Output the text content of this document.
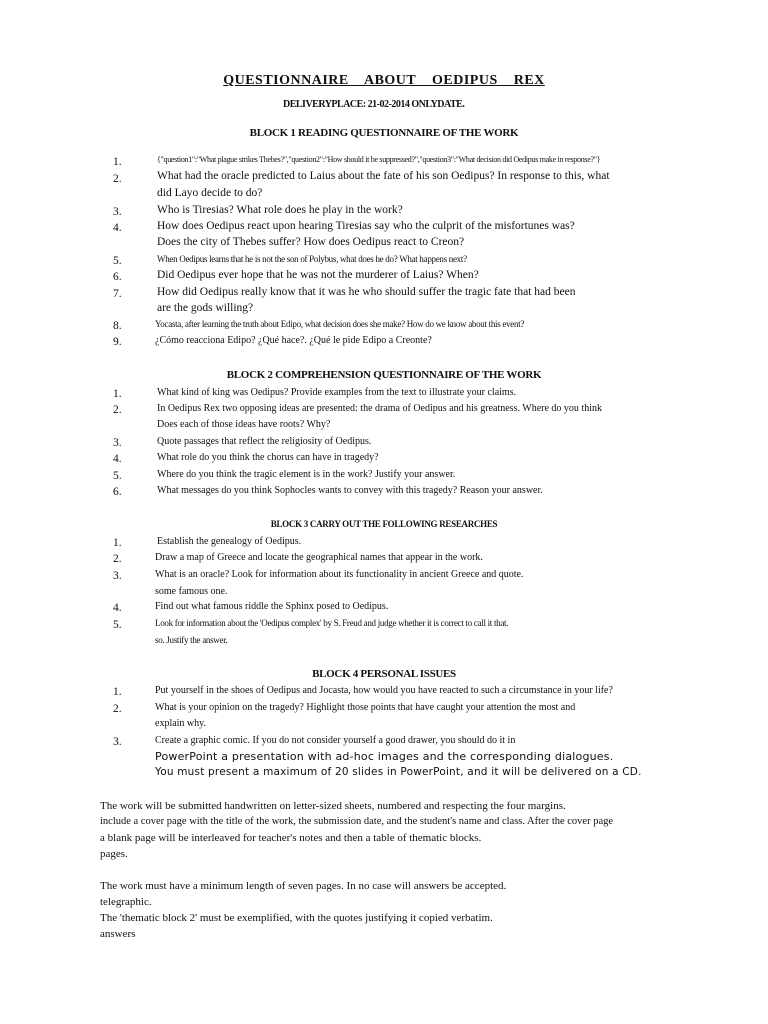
QUESTIONNAIRE ABOUT OEDIPUS REX
DELIVERYPLACE: 21-02-2014 ONLYDATE.
BLOCK 1 READING QUESTIONNAIRE OF THE WORK
1.	{"question1":"What plague strikes Thebes?","question2":"How should it be suppressed?","question3":"What decision did Oedipus make in response?"}
2.	What had the oracle predicted to Laius about the fate of his son Oedipus? In response to this, what
did Layo decide to do?
3.	Who is Tiresias? What role does he play in the work?
4.	How does Oedipus react upon hearing Tiresias say who the culprit of the misfortunes was?
Does the city of Thebes suffer? How does Oedipus react to Creon?
5.	When Oedipus learns that he is not the son of Polybus, what does he do? What happens next?
6.	Did Oedipus ever hope that he was not the murderer of Laius? When?
7.	How did Oedipus really know that it was he who should suffer the tragic fate that had been
are the gods willing?
8.	Yocasta, after learning the truth about Edipo, what decision does she make? How do we know about this event?
9.	¿Cómo reacciona Edipo? ¿Qué hace?. ¿Qué le pide Edipo a Creonte?
BLOCK 2 COMPREHENSION QUESTIONNAIRE OF THE WORK
1.	What kind of king was Oedipus? Provide examples from the text to illustrate your claims.
2.	In Oedipus Rex two opposing ideas are presented: the drama of Oedipus and his greatness. Where do you think
Does each of those ideas have roots? Why?
3.	Quote passages that reflect the religiosity of Oedipus.
4.	What role do you think the chorus can have in tragedy?
5.	Where do you think the tragic element is in the work? Justify your answer.
6.	What messages do you think Sophocles wants to convey with this tragedy? Reason your answer.
BLOCK 3 CARRY OUT THE FOLLOWING RESEARCHES
1.	Establish the genealogy of Oedipus.
2.	Draw a map of Greece and locate the geographical names that appear in the work.
3.	What is an oracle? Look for information about its functionality in ancient Greece and quote.
some famous one.
4.	Find out what famous riddle the Sphinx posed to Oedipus.
5.	Look for information about the 'Oedipus complex' by S. Freud and judge whether it is correct to call it that.
so. Justify the answer.
BLOCK 4 PERSONAL ISSUES
1.	Put yourself in the shoes of Oedipus and Jocasta, how would you have reacted to such a circumstance in your life?
2.	What is your opinion on the tragedy? Highlight those points that have caught your attention the most and
explain why.
3.	Create a graphic comic. If you do not consider yourself a good drawer, you should do it in
PowerPoint a presentation with ad-hoc images and the corresponding dialogues.
You must present a maximum of 20 slides in PowerPoint, and it will be delivered on a CD.
The work will be submitted handwritten on letter-sized sheets, numbered and respecting the four margins.
include a cover page with the title of the work, the submission date, and the student's name and class. After the cover page
a blank page will be interleaved for teacher's notes and then a table of thematic blocks.
pages.
The work must have a minimum length of seven pages. In no case will answers be accepted.
telegraphic.
The 'thematic block 2' must be exemplified, with the quotes justifying it copied verbatim.
answers
